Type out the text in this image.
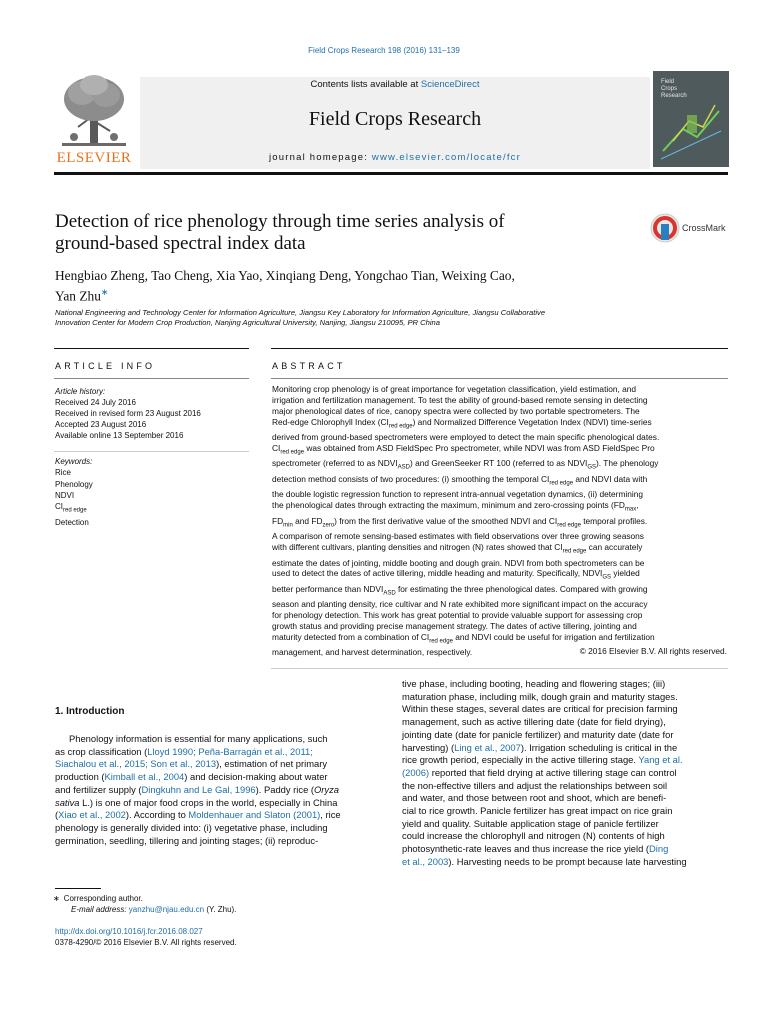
Field Crops Research 198 (2016) 131–139
ELSEVIER
Contents lists available at ScienceDirect
Field Crops Research
journal homepage: www.elsevier.com/locate/fcr
Field
Crops
Research
Detection of rice phenology through time series analysis of
ground-based spectral index data
CrossMark
Hengbiao Zheng, Tao Cheng, Xia Yao, Xinqiang Deng, Yongchao Tian, Weixing Cao,
Yan Zhu∗
National Engineering and Technology Center for Information Agriculture, Jiangsu Key Laboratory for Information Agriculture, Jiangsu Collaborative
Innovation Center for Modern Crop Production, Nanjing Agricultural University, Nanjing, Jiangsu 210095, PR China
ARTICLE INFO	ABSTRACT
Article history:
Received 24 July 2016
Received in revised form 23 August 2016
Accepted 23 August 2016
Available online 13 September 2016
Keywords:
Rice
Phenology
NDVI
$CI_{red edge}$
Detection
Monitoring crop phenology is of great importance for vegetation classification, yield estimation, and
irrigation and fertilization management. To test the ability of ground-based remote sensing in detecting
major phenological dates of rice, canopy spectra were collected by two portable spectrometers. The
Red-edge Chlorophyll Index $(CI_{red edge})$ and Normalized Difference Vegetation Index (NDVI) time-series
derived from ground-based spectrometers were employed to detect the main specific phenological dates.
$CI_{red edge}$ was obtained from ASD FieldSpec Pro spectrometer, while NDVI was from ASD FieldSpec Pro
spectrometer (referred to as $NDVI_{ASD}$) and GreenSeeker RT 100 (referred to as $NDVI_{GS}$). The phenology
detection method consists of two procedures: (i) smoothing the temporal $CI_{red edge}$ and NDVI data with
the double logistic regression function to represent intra-annual vegetation dynamics, (ii) determining
the phenological dates through extracting the maximum, minimum and zero-crossing points ($FD_{max}$,
$FD_{min}$ and $FD_{zero}$) from the first derivative value of the smoothed NDVI and $CI_{red edge}$ temporal profiles.
A comparison of remote sensing-based estimates with field observations over three growing seasons
with different cultivars, planting densities and nitrogen (N) rates showed that $CI_{red edge}$ can accurately
estimate the dates of jointing, middle booting and dough grain. NDVI from both spectrometers can be
used to detect the dates of active tillering, middle heading and maturity. Specifically, $NDVI_{GS}$ yielded
better performance than $NDVI_{ASD}$ for estimating the three phenological dates. Compared with growing
season and planting density, rice cultivar and N rate exhibited more significant impact on the accuracy
for phenology detection. This work has great potential to provide valuable support for assessing crop
growth status and providing precise management strategy. The dates of active tillering, jointing and
maturity detected from a combination of $CI_{red edge}$ and NDVI could be useful for irrigation and fertilization
management, and harvest determination, respectively.	© 2016 Elsevier B.V. All rights reserved.
1. Introduction
Phenology information is essential for many applications, such
as crop classification (Lloyd 1990; Peña-Barragán et al., 2011;
Siachalou et al., 2015; Son et al., 2013), estimation of net primary
production (Kimball et al., 2004) and decision-making about water
and fertilizer supply (Dingkuhn and Le Gal, 1996). Paddy rice (Oryza
sativa L.) is one of major food crops in the world, especially in China
(Xiao et al., 2002). According to Moldenhauer and Slaton (2001), rice
phenology is generally divided into: (i) vegetative phase, including
germination, seedling, tillering and jointing stages; (ii) reproduc-
tive phase, including booting, heading and flowering stages; (iii)
maturation phase, including milk, dough grain and maturity stages.
Within these stages, several dates are critical for precision farming
management, such as active tillering date (date for field drying),
jointing date (date for panicle fertilizer) and maturity date (date for
harvesting) (Ling et al., 2007). Irrigation scheduling is critical in the
rice growth period, especially in the active tillering stage. Yang et al.
(2006) reported that field drying at active tillering stage can control
the non-effective tillers and adjust the relationships between soil
and water, and those between root and shoot, which are benefi-
cial to rice growth. Panicle fertilizer has great impact on rice grain
yield and quality. Suitable application stage of panicle fertilizer
could increase the chlorophyll and nitrogen (N) contents of high
photosynthetic-rate leaves and thus increase the rice yield (Ding
et al., 2003). Harvesting needs to be prompt because late harvesting
∗ Corresponding author.
E-mail address: yanzhu@njau.edu.cn (Y. Zhu).
http://dx.doi.org/10.1016/j.fcr.2016.08.027
0378-4290/© 2016 Elsevier B.V. All rights reserved.
